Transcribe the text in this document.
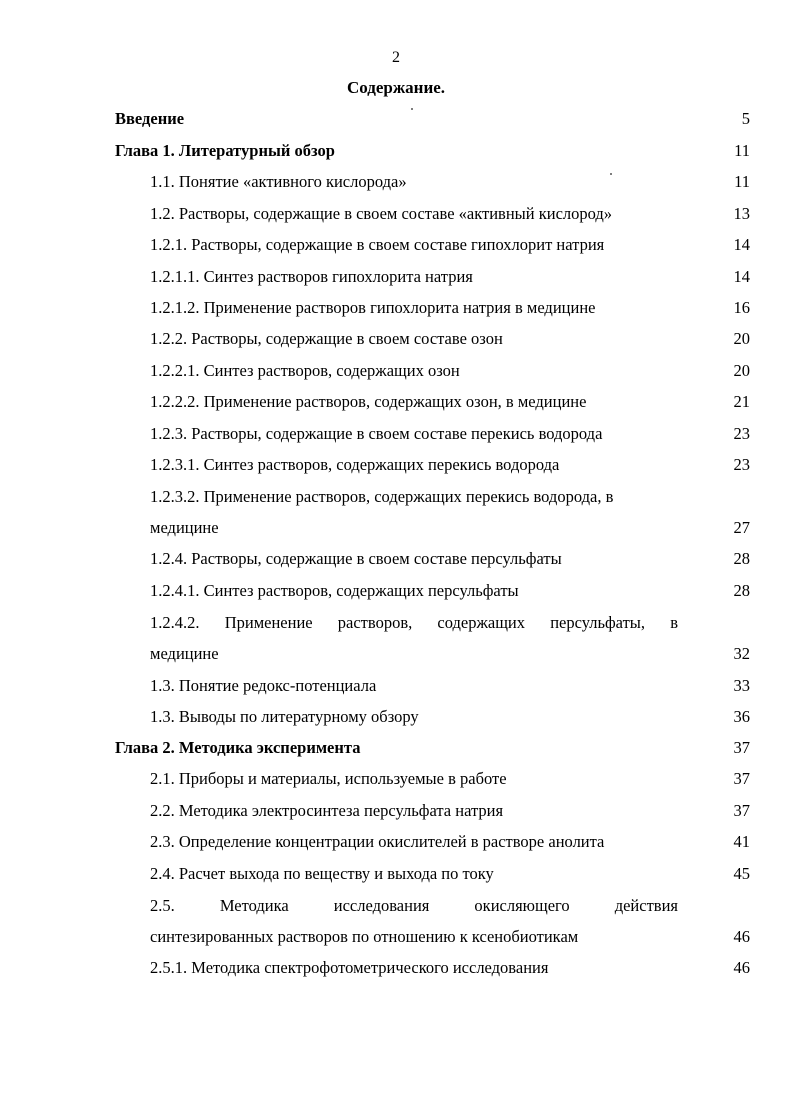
2
Содержание.
Введение	5
Глава 1. Литературный обзор	11
1.1. Понятие «активного кислорода»	11
1.2. Растворы, содержащие в своем составе «активный кислород»	13
1.2.1. Растворы, содержащие в своем составе гипохлорит натрия	14
1.2.1.1. Синтез растворов гипохлорита натрия	14
1.2.1.2. Применение растворов гипохлорита натрия в медицине	16
1.2.2. Растворы, содержащие в своем составе озон	20
1.2.2.1. Синтез растворов, содержащих озон	20
1.2.2.2. Применение растворов, содержащих озон, в медицине	21
1.2.3. Растворы, содержащие в своем составе перекись водорода	23
1.2.3.1. Синтез растворов, содержащих перекись водорода	23
1.2.3.2. Применение растворов, содержащих перекись водорода, в
медицине	27
1.2.4. Растворы, содержащие в своем составе персульфаты	28
1.2.4.1. Синтез растворов, содержащих персульфаты	28
1.2.4.2. Применение растворов, содержащих персульфаты, в
медицине	32
1.3. Понятие редокс-потенциала	33
1.3. Выводы по литературному обзору	36
Глава 2. Методика эксперимента	37
2.1. Приборы и материалы, используемые в работе	37
2.2. Методика электросинтеза персульфата натрия	37
2.3. Определение концентрации окислителей в растворе анолита	41
2.4. Расчет выхода по веществу и выхода по току	45
2.5. Методика исследования окисляющего действия
синтезированных растворов по отношению к ксенобиотикам	46
2.5.1. Методика спектрофотометрического исследования	46
